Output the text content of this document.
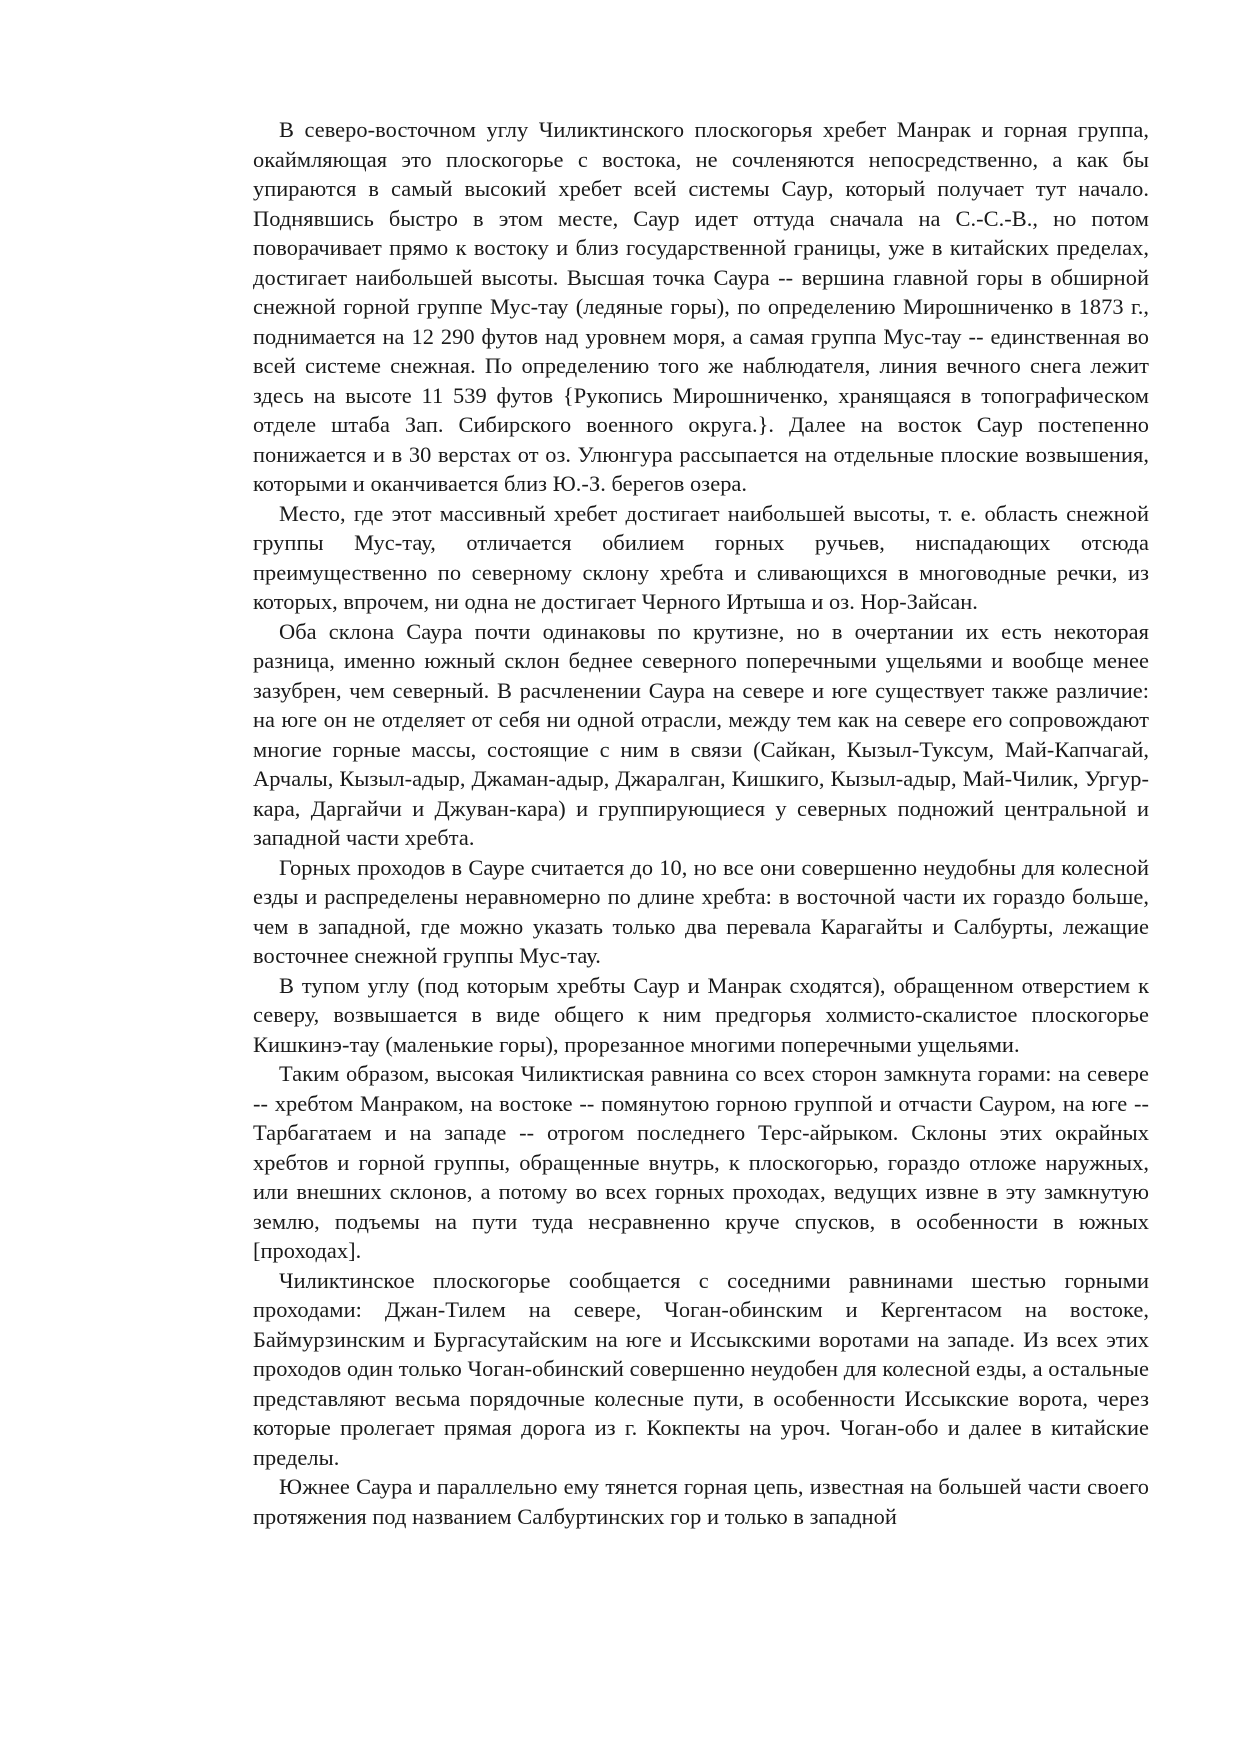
В северо-восточном углу Чиликтинского плоскогорья хребет Манрак и горная группа, окаймляющая это плоскогорье с востока, не сочленяются непосредственно, а как бы упираются в самый высокий хребет всей системы Саур, который получает тут начало. Поднявшись быстро в этом месте, Саур идет оттуда сначала на С.-С.-В., но потом поворачивает прямо к востоку и близ государственной границы, уже в китайских пределах, достигает наибольшей высоты. Высшая точка Саура -- вершина главной горы в обширной снежной горной группе Мус-тау (ледяные горы), по определению Мирошниченко в 1873 г., поднимается на 12 290 футов над уровнем моря, а самая группа Мус-тау -- единственная во всей системе снежная. По определению того же наблюдателя, линия вечного снега лежит здесь на высоте 11 539 футов {Рукопись Мирошниченко, хранящаяся в топографическом отделе штаба Зап. Сибирского военного округа.}. Далее на восток Саур постепенно понижается и в 30 верстах от оз. Улюнгура рассыпается на отдельные плоские возвышения, которыми и оканчивается близ Ю.-З. берегов озера.

Место, где этот массивный хребет достигает наибольшей высоты, т. е. область снежной группы Мус-тау, отличается обилием горных ручьев, ниспадающих отсюда преимущественно по северному склону хребта и сливающихся в многоводные речки, из которых, впрочем, ни одна не достигает Черного Иртыша и оз. Нор-Зайсан.

Оба склона Саура почти одинаковы по крутизне, но в очертании их есть некоторая разница, именно южный склон беднее северного поперечными ущельями и вообще менее зазубрен, чем северный. В расчленении Саура на севере и юге существует также различие: на юге он не отделяет от себя ни одной отрасли, между тем как на севере его сопровождают многие горные массы, состоящие с ним в связи (Сайкан, Кызыл-Туксум, Май-Капчагай, Арчалы, Кызыл-адыр, Джаман-адыр, Джаралган, Кишкиго, Кызыл-адыр, Май-Чилик, Ургур-кара, Даргайчи и Джуван-кара) и группирующиеся у северных подножий центральной и западной части хребта.

Горных проходов в Сауре считается до 10, но все они совершенно неудобны для колесной езды и распределены неравномерно по длине хребта: в восточной части их гораздо больше, чем в западной, где можно указать только два перевала Карагайты и Салбурты, лежащие восточнее снежной группы Мус-тау.

В тупом углу (под которым хребты Саур и Манрак сходятся), обращенном отверстием к северу, возвышается в виде общего к ним предгорья холмисто-скалистое плоскогорье Кишкинэ-тау (маленькие горы), прорезанное многими поперечными ущельями.

Таким образом, высокая Чиликтиская равнина со всех сторон замкнута горами: на севере -- хребтом Манраком, на востоке -- помянутою горною группой и отчасти Сауром, на юге -- Тарбагатаем и на западе -- отрогом последнего Терс-айрыком. Склоны этих окрайных хребтов и горной группы, обращенные внутрь, к плоскогорью, гораздо отложе наружных, или внешних склонов, а потому во всех горных проходах, ведущих извне в эту замкнутую землю, подъемы на пути туда несравненно круче спусков, в особенности в южных [проходах].

Чиликтинское плоскогорье сообщается с соседними равнинами шестью горными проходами: Джан-Тилем на севере, Чоган-обинским и Кергентасом на востоке, Баймурзинским и Бургасутайским на юге и Иссыкскими воротами на западе. Из всех этих проходов один только Чоган-обинский совершенно неудобен для колесной езды, а остальные представляют весьма порядочные колесные пути, в особенности Иссыкские ворота, через которые пролегает прямая дорога из г. Кокпекты на уроч. Чоган-обо и далее в китайские пределы.

Южнее Саура и параллельно ему тянется горная цепь, известная на большей части своего протяжения под названием Салбуртинских гор и только в западной
